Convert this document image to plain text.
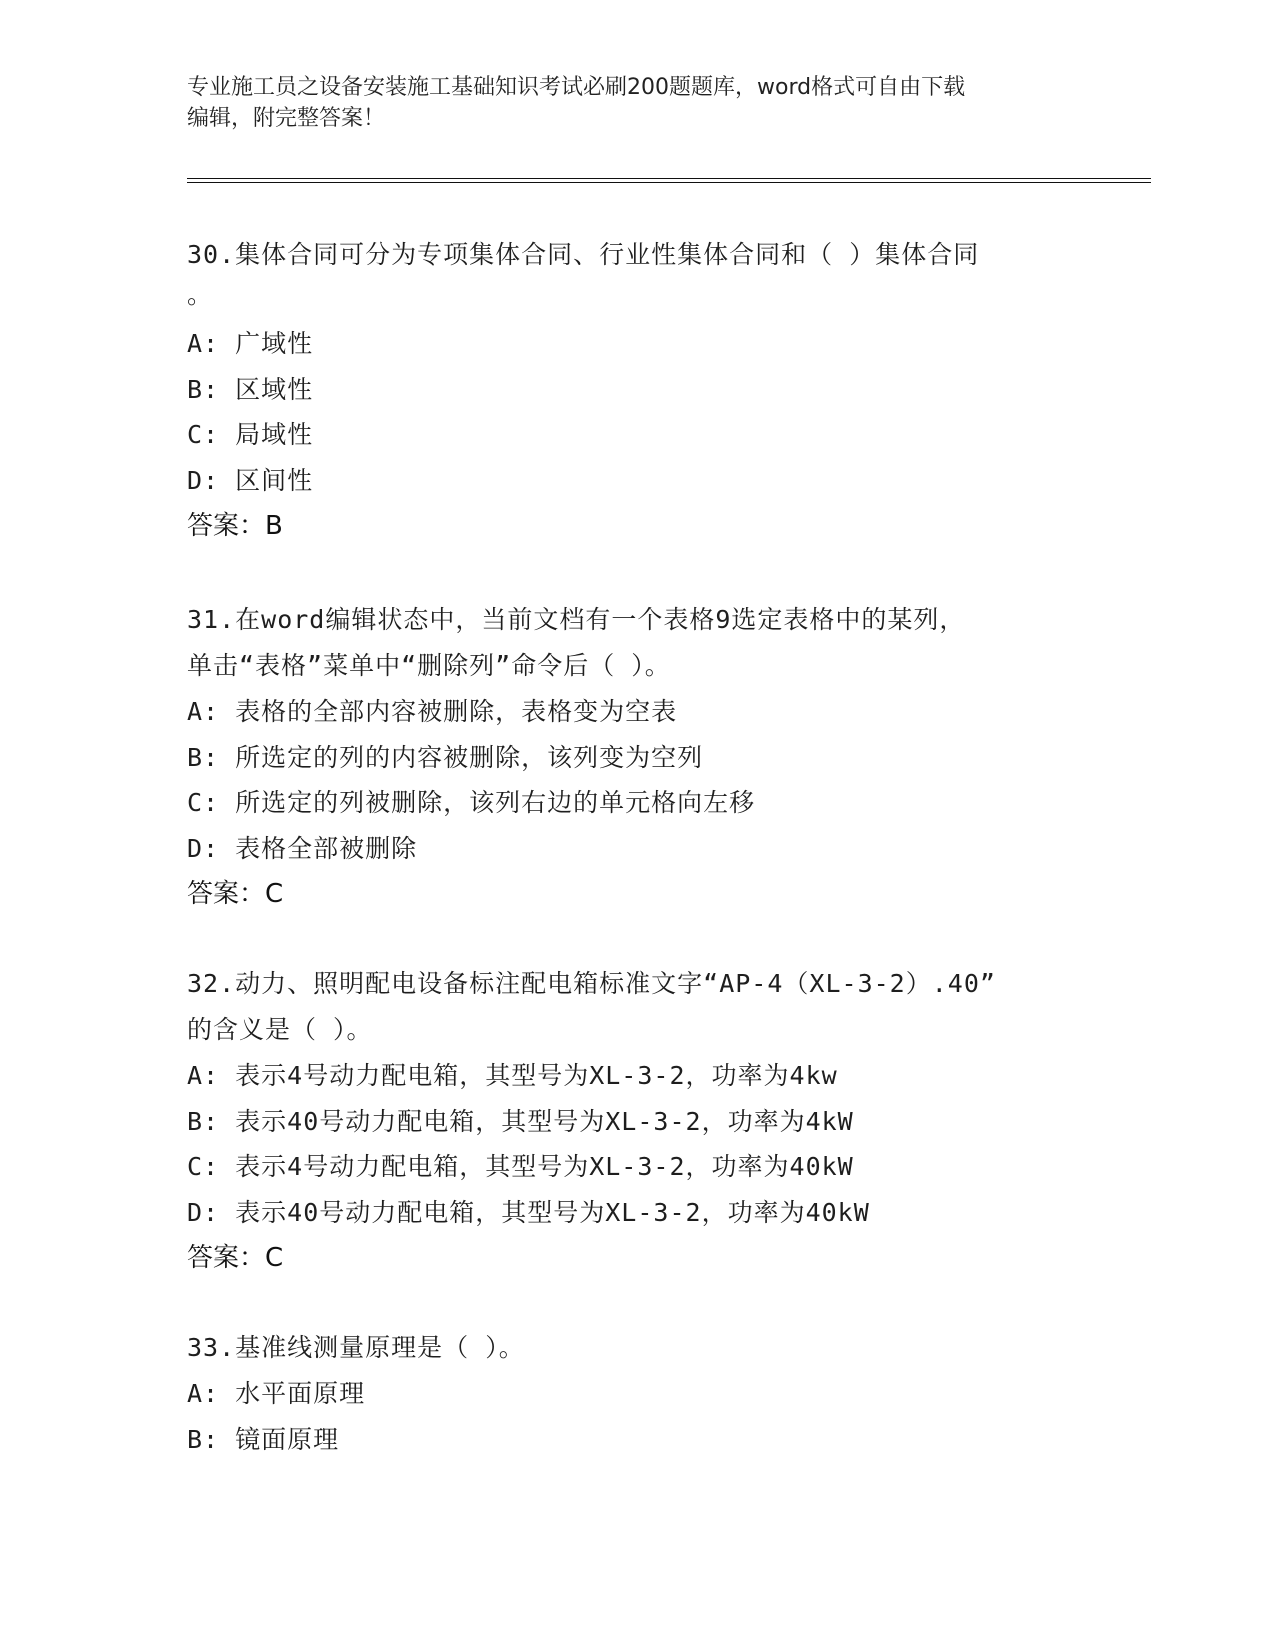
专业施工员之设备安装施工基础知识考试必刷200题题库，word格式可自由下载
编辑，附完整答案！
30.集体合同可分为专项集体合同、行业性集体合同和（ ）集体合同
。
A: 广域性
B: 区域性
C: 局域性
D: 区间性
答案：B
31.在word编辑状态中，当前文档有一个表格9选定表格中的某列，
单击“表格”菜单中“删除列”命令后（ ）。
A: 表格的全部内容被删除，表格变为空表
B: 所选定的列的内容被删除，该列变为空列
C: 所选定的列被删除，该列右边的单元格向左移
D: 表格全部被删除
答案：C
32.动力、照明配电设备标注配电箱标准文字“AP-4（XL-3-2）.40”
的含义是（ ）。
A: 表示4号动力配电箱，其型号为XL-3-2，功率为4kw
B: 表示40号动力配电箱，其型号为XL-3-2，功率为4kW
C: 表示4号动力配电箱，其型号为XL-3-2，功率为40kW
D: 表示40号动力配电箱，其型号为XL-3-2，功率为40kW
答案：C
33.基准线测量原理是（ ）。
A: 水平面原理
B: 镜面原理
